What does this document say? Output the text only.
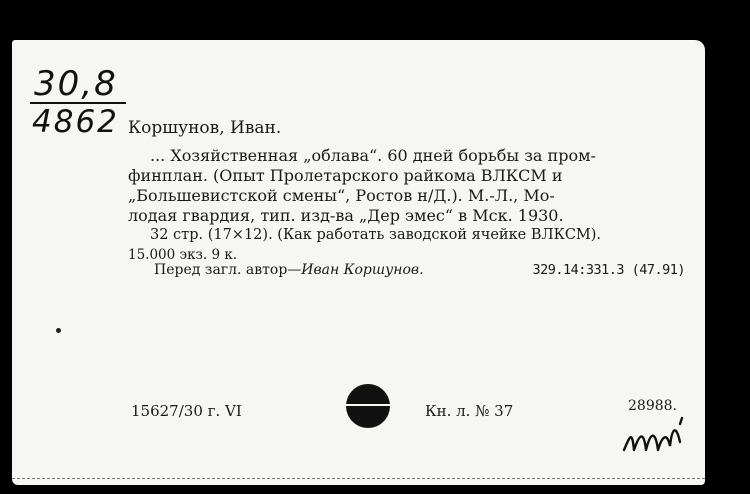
30,8
4862 Коршунов, Иван.
... Хозяйственная „облава“. 60 дней борьбы за пром-
финплан. (Опыт Пролетарского райкома ВЛКСМ и
„Большевистской смены“, Ростов н/Д.). М.-Л., Мо-
лодая гвардия, тип. изд-ва „Дер эмес“ в Мск. 1930.
32 стр. (17×12). (Как работать заводской ячейке ВЛКСМ).
15.000 экз. 9 к.
Перед загл. автор—Иван Коршунов.	329.14:331.3 (47.91)
15627/30 г. VI	Кн. л. № 37	28988.
